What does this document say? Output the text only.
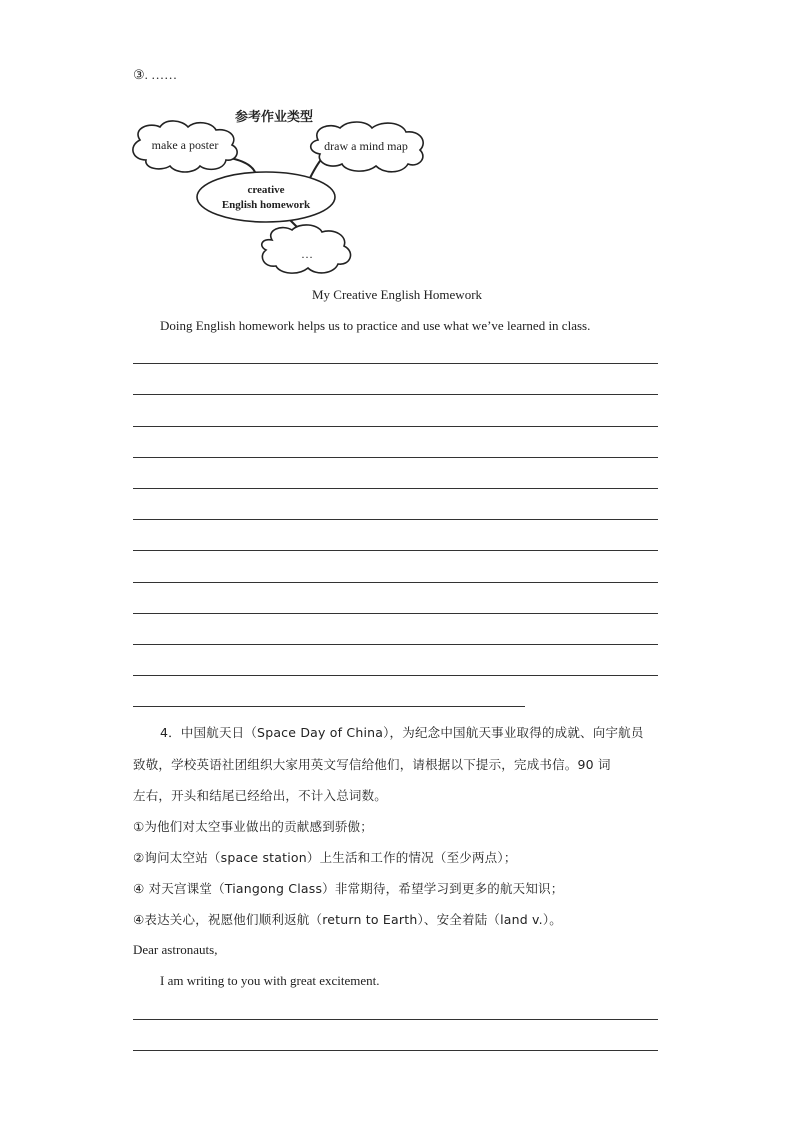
③. ……
参考作业类型
make a poster	draw a mind map
creative
English homework
…
My Creative English Homework
Doing English homework helps us to practice and use what we’ve learned in class.
4．中国航天日（Space Day of China），为纪念中国航天事业取得的成就、向宇航员
致敬，学校英语社团组织大家用英文写信给他们，请根据以下提示，完成书信。90 词
左右，开头和结尾已经给出，不计入总词数。
①为他们对太空事业做出的贡献感到骄傲；
②询问太空站（space station）上生活和工作的情况（至少两点）；
④ 对天宫课堂（Tiangong Class）非常期待，希望学习到更多的航天知识；
④表达关心，祝愿他们顺利返航（return to Earth）、安全着陆（land v.）。
Dear astronauts,
I am writing to you with great excitement.
